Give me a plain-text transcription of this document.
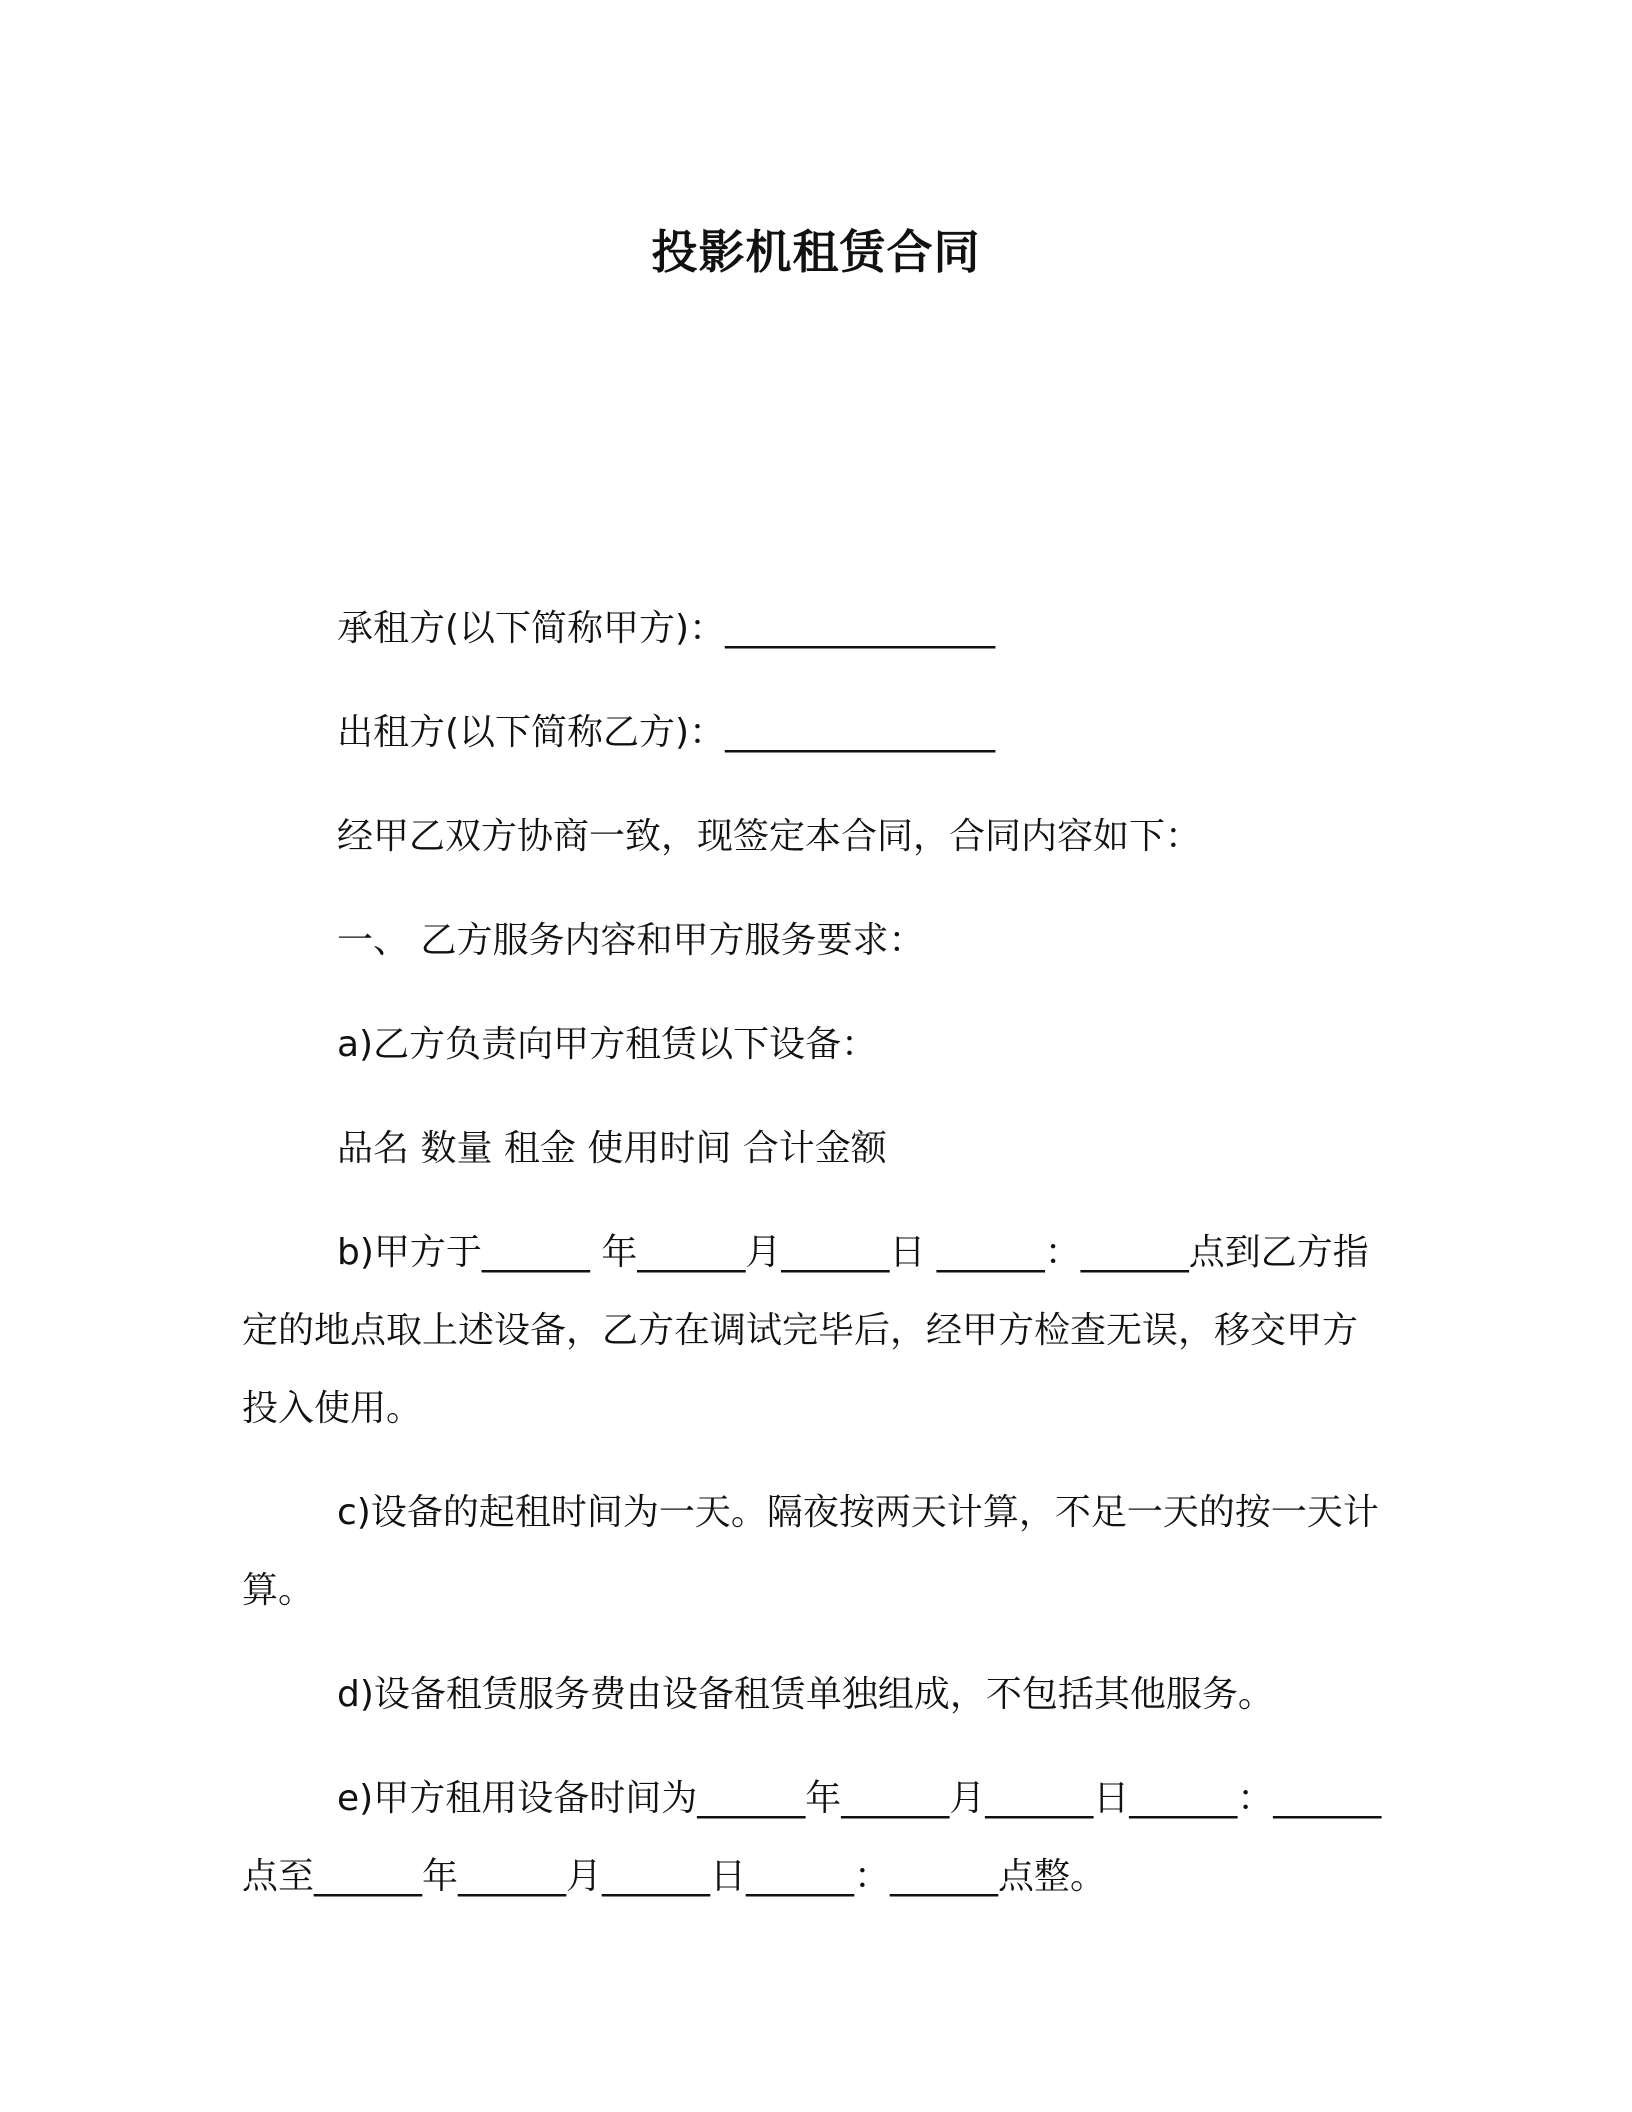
投影机租赁合同

承租方(以下简称甲方)：_______________

出租方(以下简称乙方)：_______________

经甲乙双方协商一致，现签定本合同，合同内容如下：

一、 乙方服务内容和甲方服务要求：

a)乙方负责向甲方租赁以下设备：

品名 数量 租金 使用时间 合计金额

b)甲方于______ 年______月______日 ______：______点到乙方指定的地点取上述设备，乙方在调试完毕后，经甲方检查无误，移交甲方投入使用。

c)设备的起租时间为一天。隔夜按两天计算，不足一天的按一天计算。

d)设备租赁服务费由设备租赁单独组成，不包括其他服务。

e)甲方租用设备时间为______年______月______日______：______点至______年______月______日______：______点整。
